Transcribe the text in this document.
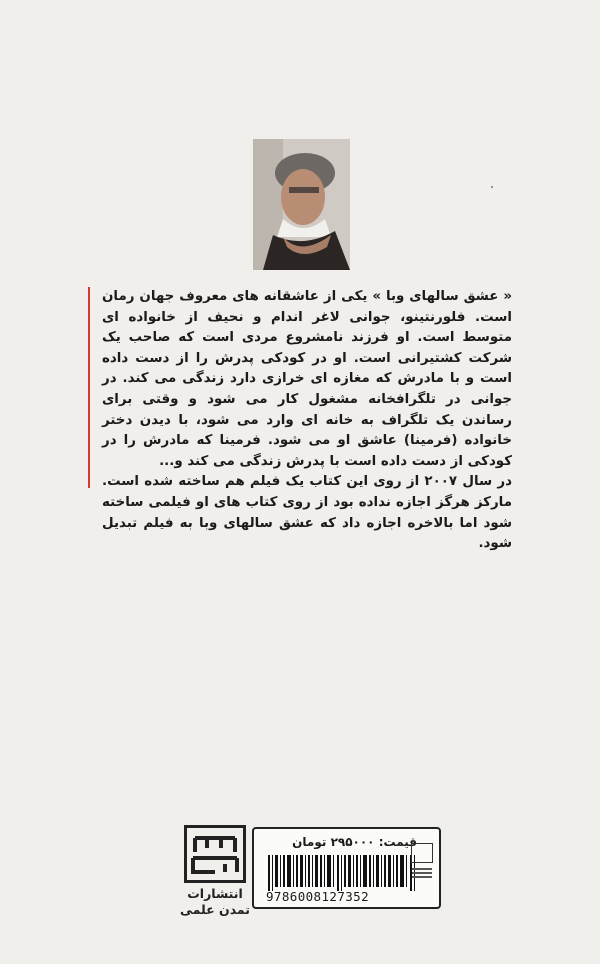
« عشق سالهای وبا » یکی از عاشقانه های معروف جهان رمان است. فلورنتینو، جوانی لاغر اندام و نحیف از خانواده ای متوسط است. او فرزند نامشروع مردی است که صاحب یک شرکت کشتیرانی است. او در کودکی پدرش را از دست داده است و با مادرش که مغازه ای خرازی دارد زندگی می کند. در جوانی در تلگرافخانه مشغول کار می شود و وقتی برای رساندن یک تلگراف به خانه ای وارد می شود، با دیدن دختر خانواده (فرمینا) عاشق او می شود. فرمینا که مادرش را در کودکی از دست داده است با پدرش زندگی می کند و...

در سال ۲۰۰۷ از روی این کتاب یک فیلم هم ساخته شده است. مارکز هرگز اجازه نداده بود از روی کتاب های او فیلمی ساخته شود اما بالاخره اجازه داد که عشق سالهای وبا به فیلم تبدیل شود.

انتشارات
تمدن علمی
قیمت: ۲۹۵۰۰۰ تومان
9786008127352
